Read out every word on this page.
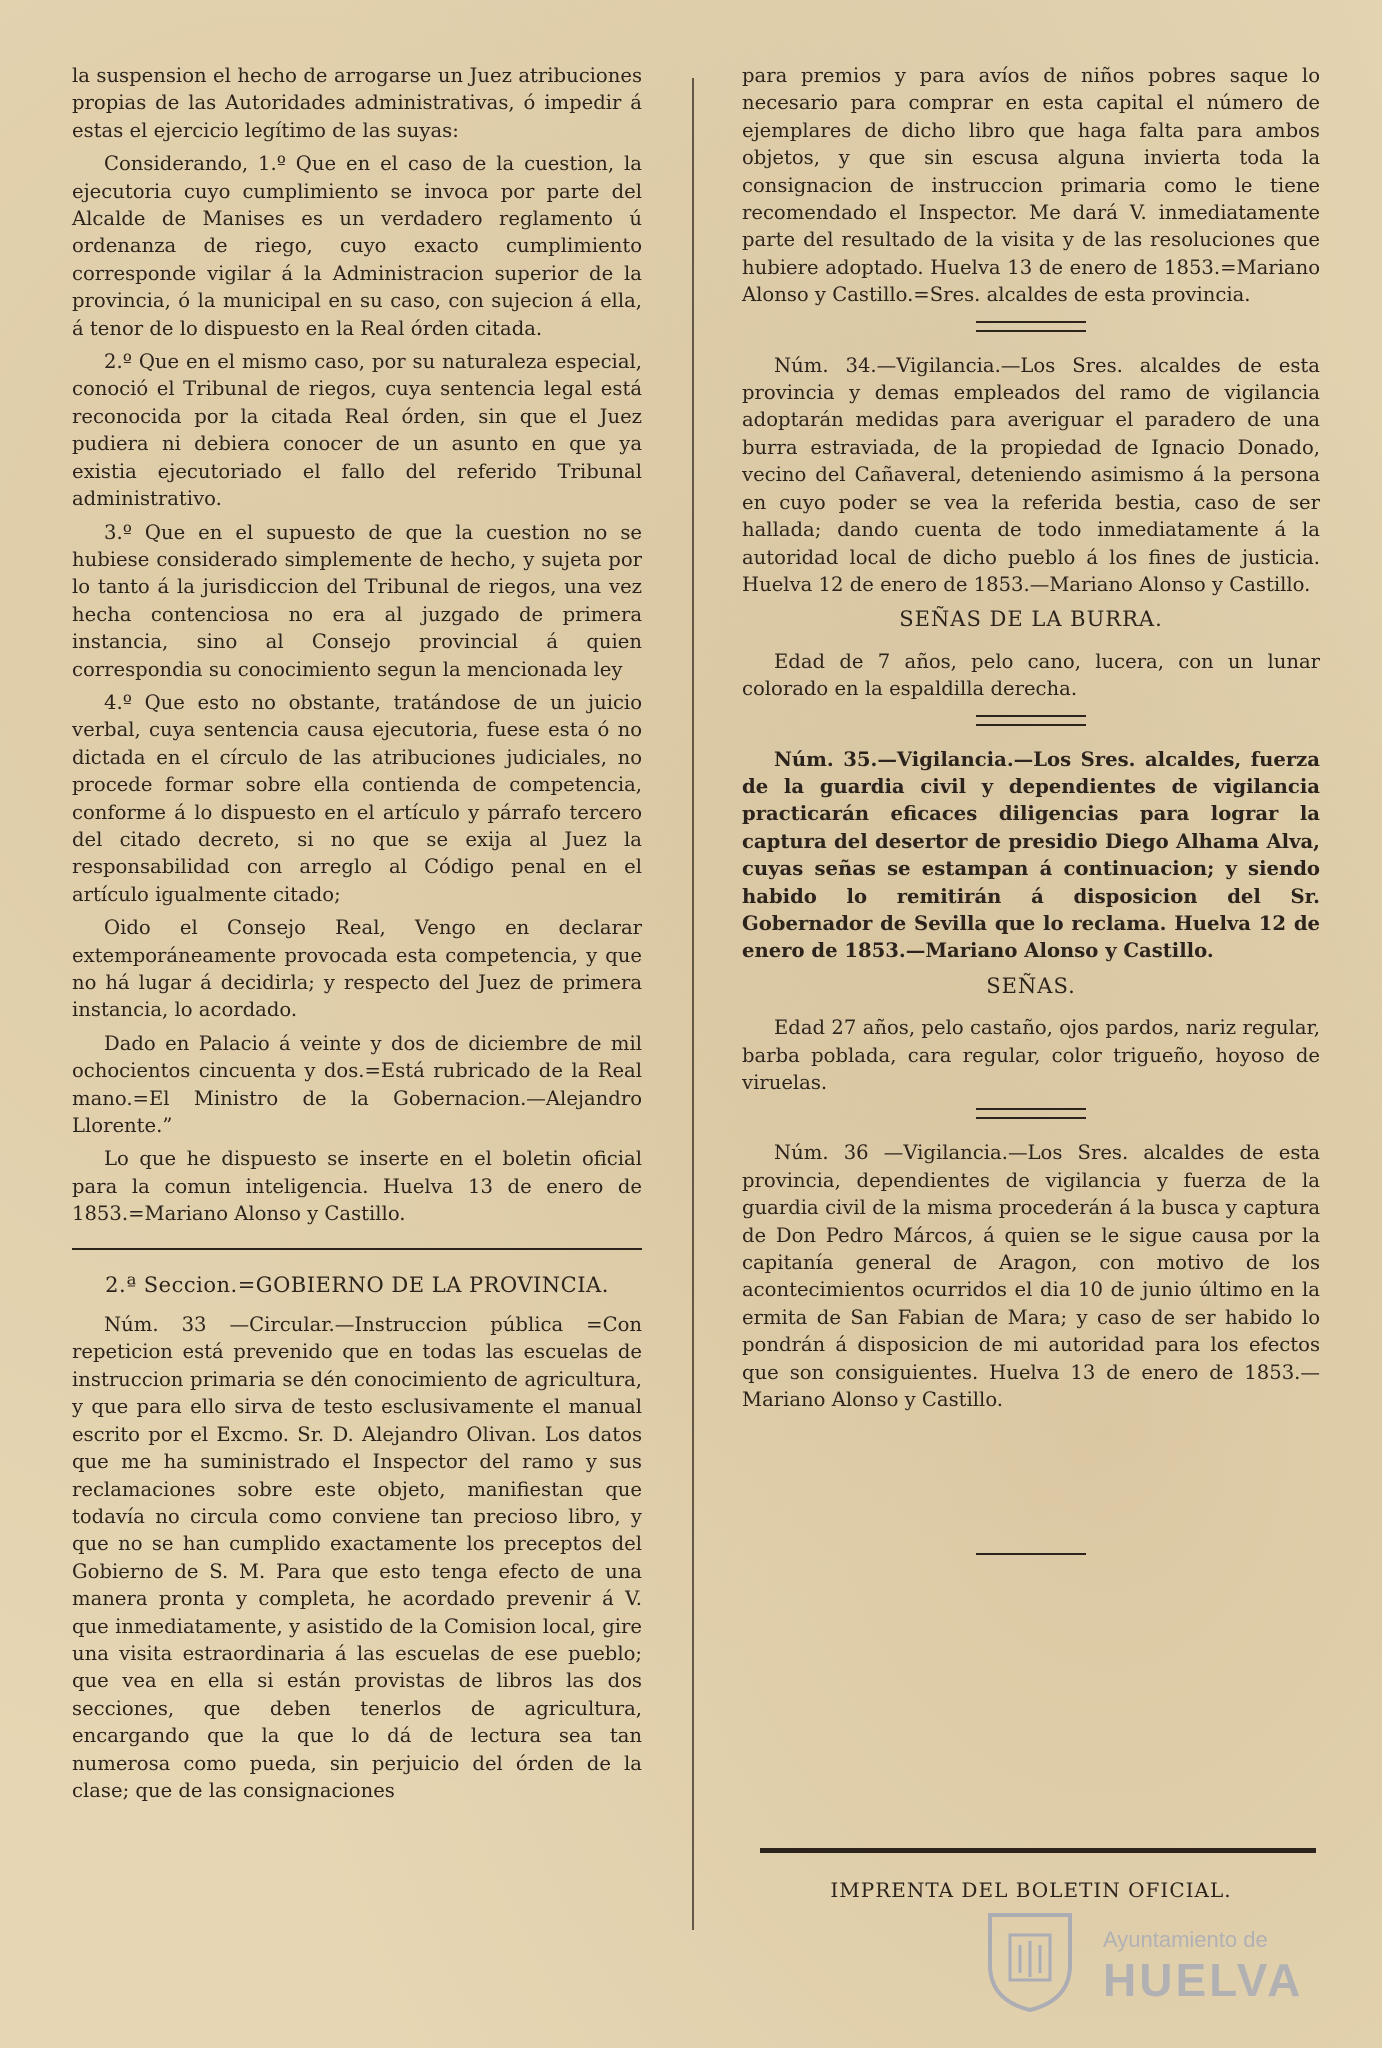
la suspension el hecho de arrogarse un Juez atribuciones propias de las Autoridades administrativas, ó impedir á estas el ejercicio legítimo de las suyas:

Considerando, 1.º Que en el caso de la cuestion, la ejecutoria cuyo cumplimiento se invoca por parte del Alcalde de Manises es un verdadero reglamento ú ordenanza de riego, cuyo exacto cumplimiento corresponde vigilar á la Administracion superior de la provincia, ó la municipal en su caso, con sujecion á ella, á tenor de lo dispuesto en la Real órden citada.

2.º Que en el mismo caso, por su naturaleza especial, conoció el Tribunal de riegos, cuya sentencia legal está reconocida por la citada Real órden, sin que el Juez pudiera ni debiera conocer de un asunto en que ya existia ejecutoriado el fallo del referido Tribunal administrativo.

3.º Que en el supuesto de que la cuestion no se hubiese considerado simplemente de hecho, y sujeta por lo tanto á la jurisdiccion del Tribunal de riegos, una vez hecha contenciosa no era al juzgado de primera instancia, sino al Consejo provincial á quien correspondia su conocimiento segun la mencionada ley

4.º Que esto no obstante, tratándose de un juicio verbal, cuya sentencia causa ejecutoria, fuese esta ó no dictada en el círculo de las atribuciones judiciales, no procede formar sobre ella contienda de competencia, conforme á lo dispuesto en el artículo y párrafo tercero del citado decreto, si no que se exija al Juez la responsabilidad con arreglo al Código penal en el artículo igualmente citado;

Oido el Consejo Real, Vengo en declarar extemporáneamente provocada esta competencia, y que no há lugar á decidirla; y respecto del Juez de primera instancia, lo acordado.

Dado en Palacio á veinte y dos de diciembre de mil ochocientos cincuenta y dos.=Está rubricado de la Real mano.=El Ministro de la Gobernacion.—Alejandro Llorente.”

Lo que he dispuesto se inserte en el boletin oficial para la comun inteligencia. Huelva 13 de enero de 1853.=Mariano Alonso y Castillo.

2.ª Seccion.=GOBIERNO DE LA PROVINCIA.

Núm. 33 —Circular.—Instruccion pública =Con repeticion está prevenido que en todas las escuelas de instruccion primaria se dén conocimiento de agricultura, y que para ello sirva de testo esclusivamente el manual escrito por el Excmo. Sr. D. Alejandro Olivan. Los datos que me ha suministrado el Inspector del ramo y sus reclamaciones sobre este objeto, manifiestan que todavía no circula como conviene tan precioso libro, y que no se han cumplido exactamente los preceptos del Gobierno de S. M. Para que esto tenga efecto de una manera pronta y completa, he acordado prevenir á V. que inmediatamente, y asistido de la Comision local, gire una visita estraordinaria á las escuelas de ese pueblo; que vea en ella si están provistas de libros las dos secciones, que deben tenerlos de agricultura, encargando que la que lo dá de lectura sea tan numerosa como pueda, sin perjuicio del órden de la clase; que de las consignaciones

para premios y para avíos de niños pobres saque lo necesario para comprar en esta capital el número de ejemplares de dicho libro que haga falta para ambos objetos, y que sin escusa alguna invierta toda la consignacion de instruccion primaria como le tiene recomendado el Inspector. Me dará V. inmediatamente parte del resultado de la visita y de las resoluciones que hubiere adoptado. Huelva 13 de enero de 1853.=Mariano Alonso y Castillo.=Sres. alcaldes de esta provincia.

Núm. 34.—Vigilancia.—Los Sres. alcaldes de esta provincia y demas empleados del ramo de vigilancia adoptarán medidas para averiguar el paradero de una burra estraviada, de la propiedad de Ignacio Donado, vecino del Cañaveral, deteniendo asimismo á la persona en cuyo poder se vea la referida bestia, caso de ser hallada; dando cuenta de todo inmediatamente á la autoridad local de dicho pueblo á los fines de justicia. Huelva 12 de enero de 1853.—Mariano Alonso y Castillo.

SEÑAS DE LA BURRA.

Edad de 7 años, pelo cano, lucera, con un lunar colorado en la espaldilla derecha.

Núm. 35.—Vigilancia.—Los Sres. alcaldes, fuerza de la guardia civil y dependientes de vigilancia practicarán eficaces diligencias para lograr la captura del desertor de presidio Diego Alhama Alva, cuyas señas se estampan á continuacion; y siendo habido lo remitirán á disposicion del Sr. Gobernador de Sevilla que lo reclama. Huelva 12 de enero de 1853.—Mariano Alonso y Castillo.

SEÑAS.

Edad 27 años, pelo castaño, ojos pardos, nariz regular, barba poblada, cara regular, color trigueño, hoyoso de viruelas.

Núm. 36 —Vigilancia.—Los Sres. alcaldes de esta provincia, dependientes de vigilancia y fuerza de la guardia civil de la misma procederán á la busca y captura de Don Pedro Márcos, á quien se le sigue causa por la capitanía general de Aragon, con motivo de los acontecimientos ocurridos el dia 10 de junio último en la ermita de San Fabian de Mara; y caso de ser habido lo pondrán á disposicion de mi autoridad para los efectos que son consiguientes. Huelva 13 de enero de 1853.—Mariano Alonso y Castillo.

IMPRENTA DEL BOLETIN OFICIAL.
Ayuntamiento de
HUELVA
